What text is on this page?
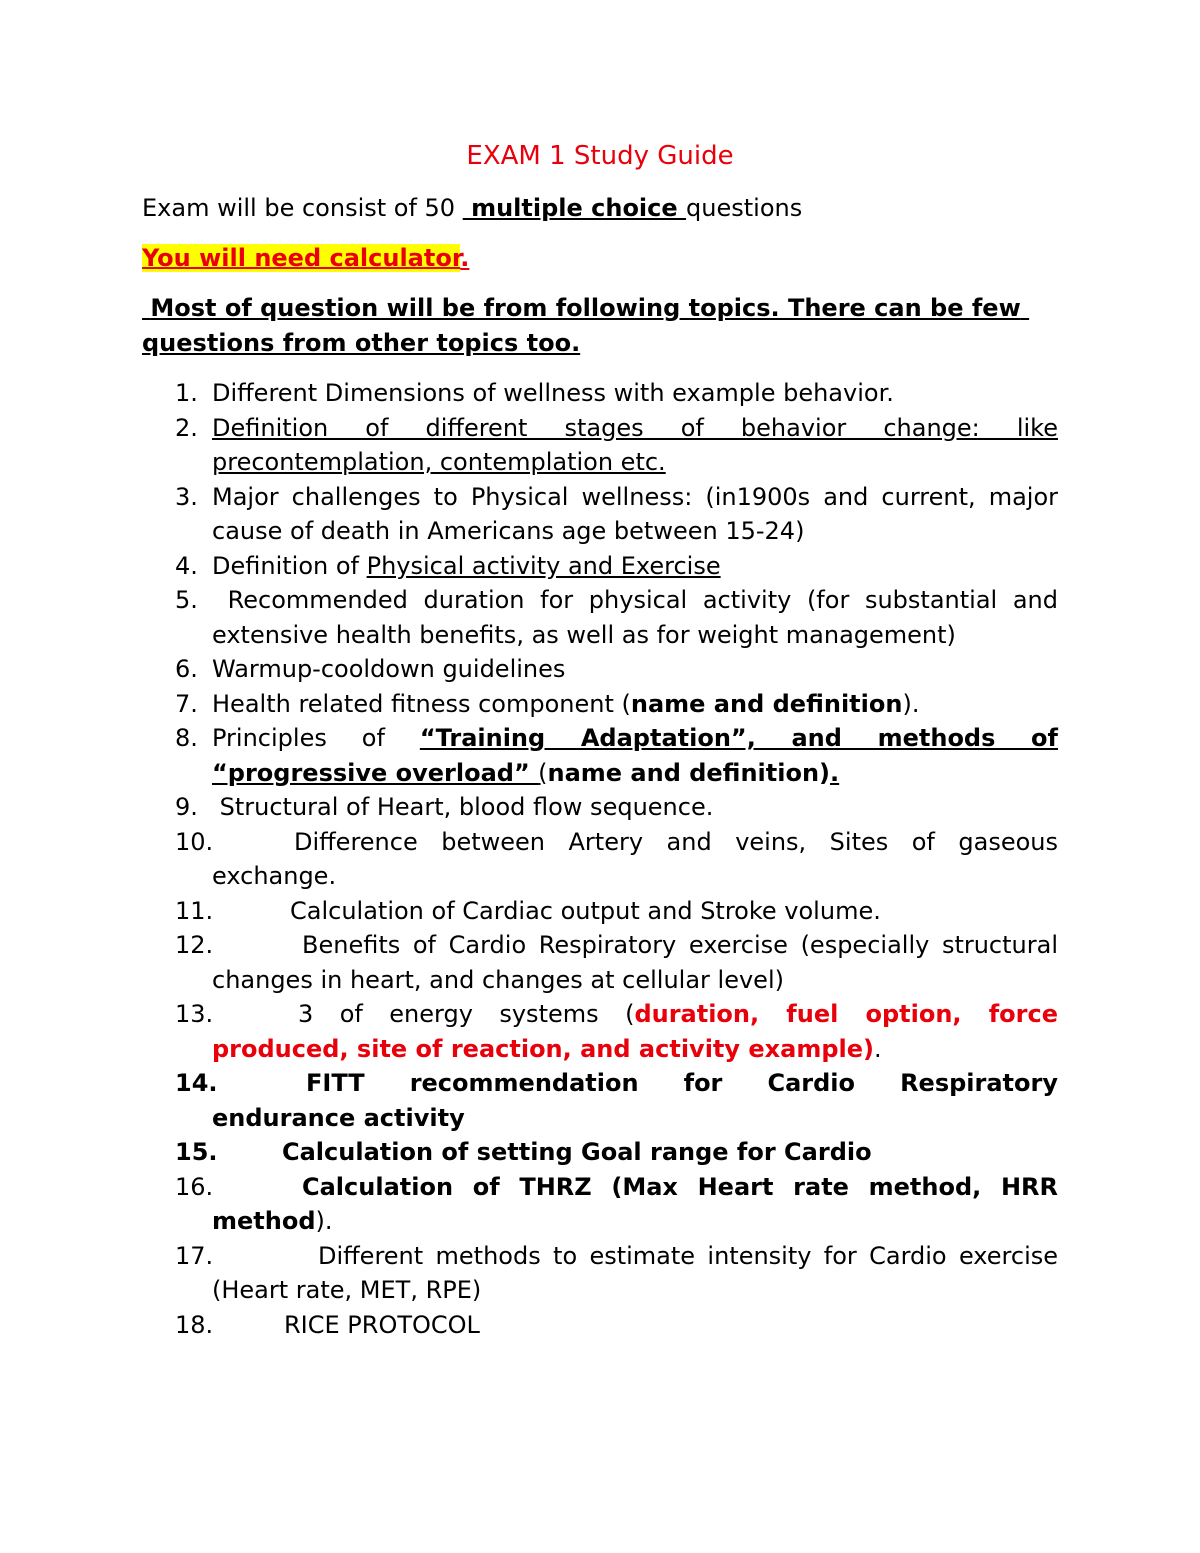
EXAM 1 Study Guide
Exam will be consist of 50  multiple choice questions
You will need calculator.
Most of question will be from following topics. There can be few questions from other topics too.
1. Different Dimensions of wellness with example behavior.
2. Definition of different stages of behavior change: like precontemplation, contemplation etc.
3. Major challenges to Physical wellness: (in1900s and current, major cause of death in Americans age between 15-24)
4. Definition of Physical activity and Exercise
5. Recommended duration for physical activity (for substantial and extensive health benefits, as well as for weight management)
6. Warmup-cooldown guidelines
7. Health related fitness component (name and definition).
8. Principles of “Training Adaptation”, and methods of “progressive overload” (name and definition).
9. Structural of Heart, blood flow sequence.
10.	Difference between Artery and veins, Sites of gaseous exchange.
11.	Calculation of Cardiac output and Stroke volume.
12.	Benefits of Cardio Respiratory exercise (especially structural changes in heart, and changes at cellular level)
13.	3 of energy systems (duration, fuel option, force produced, site of reaction, and activity example).
14.	FITT recommendation for Cardio Respiratory endurance activity
15.	Calculation of setting Goal range for Cardio
16.	Calculation of THRZ (Max Heart rate method, HRR method).
17.	Different methods to estimate intensity for Cardio exercise (Heart rate, MET, RPE)
18.	RICE PROTOCOL
